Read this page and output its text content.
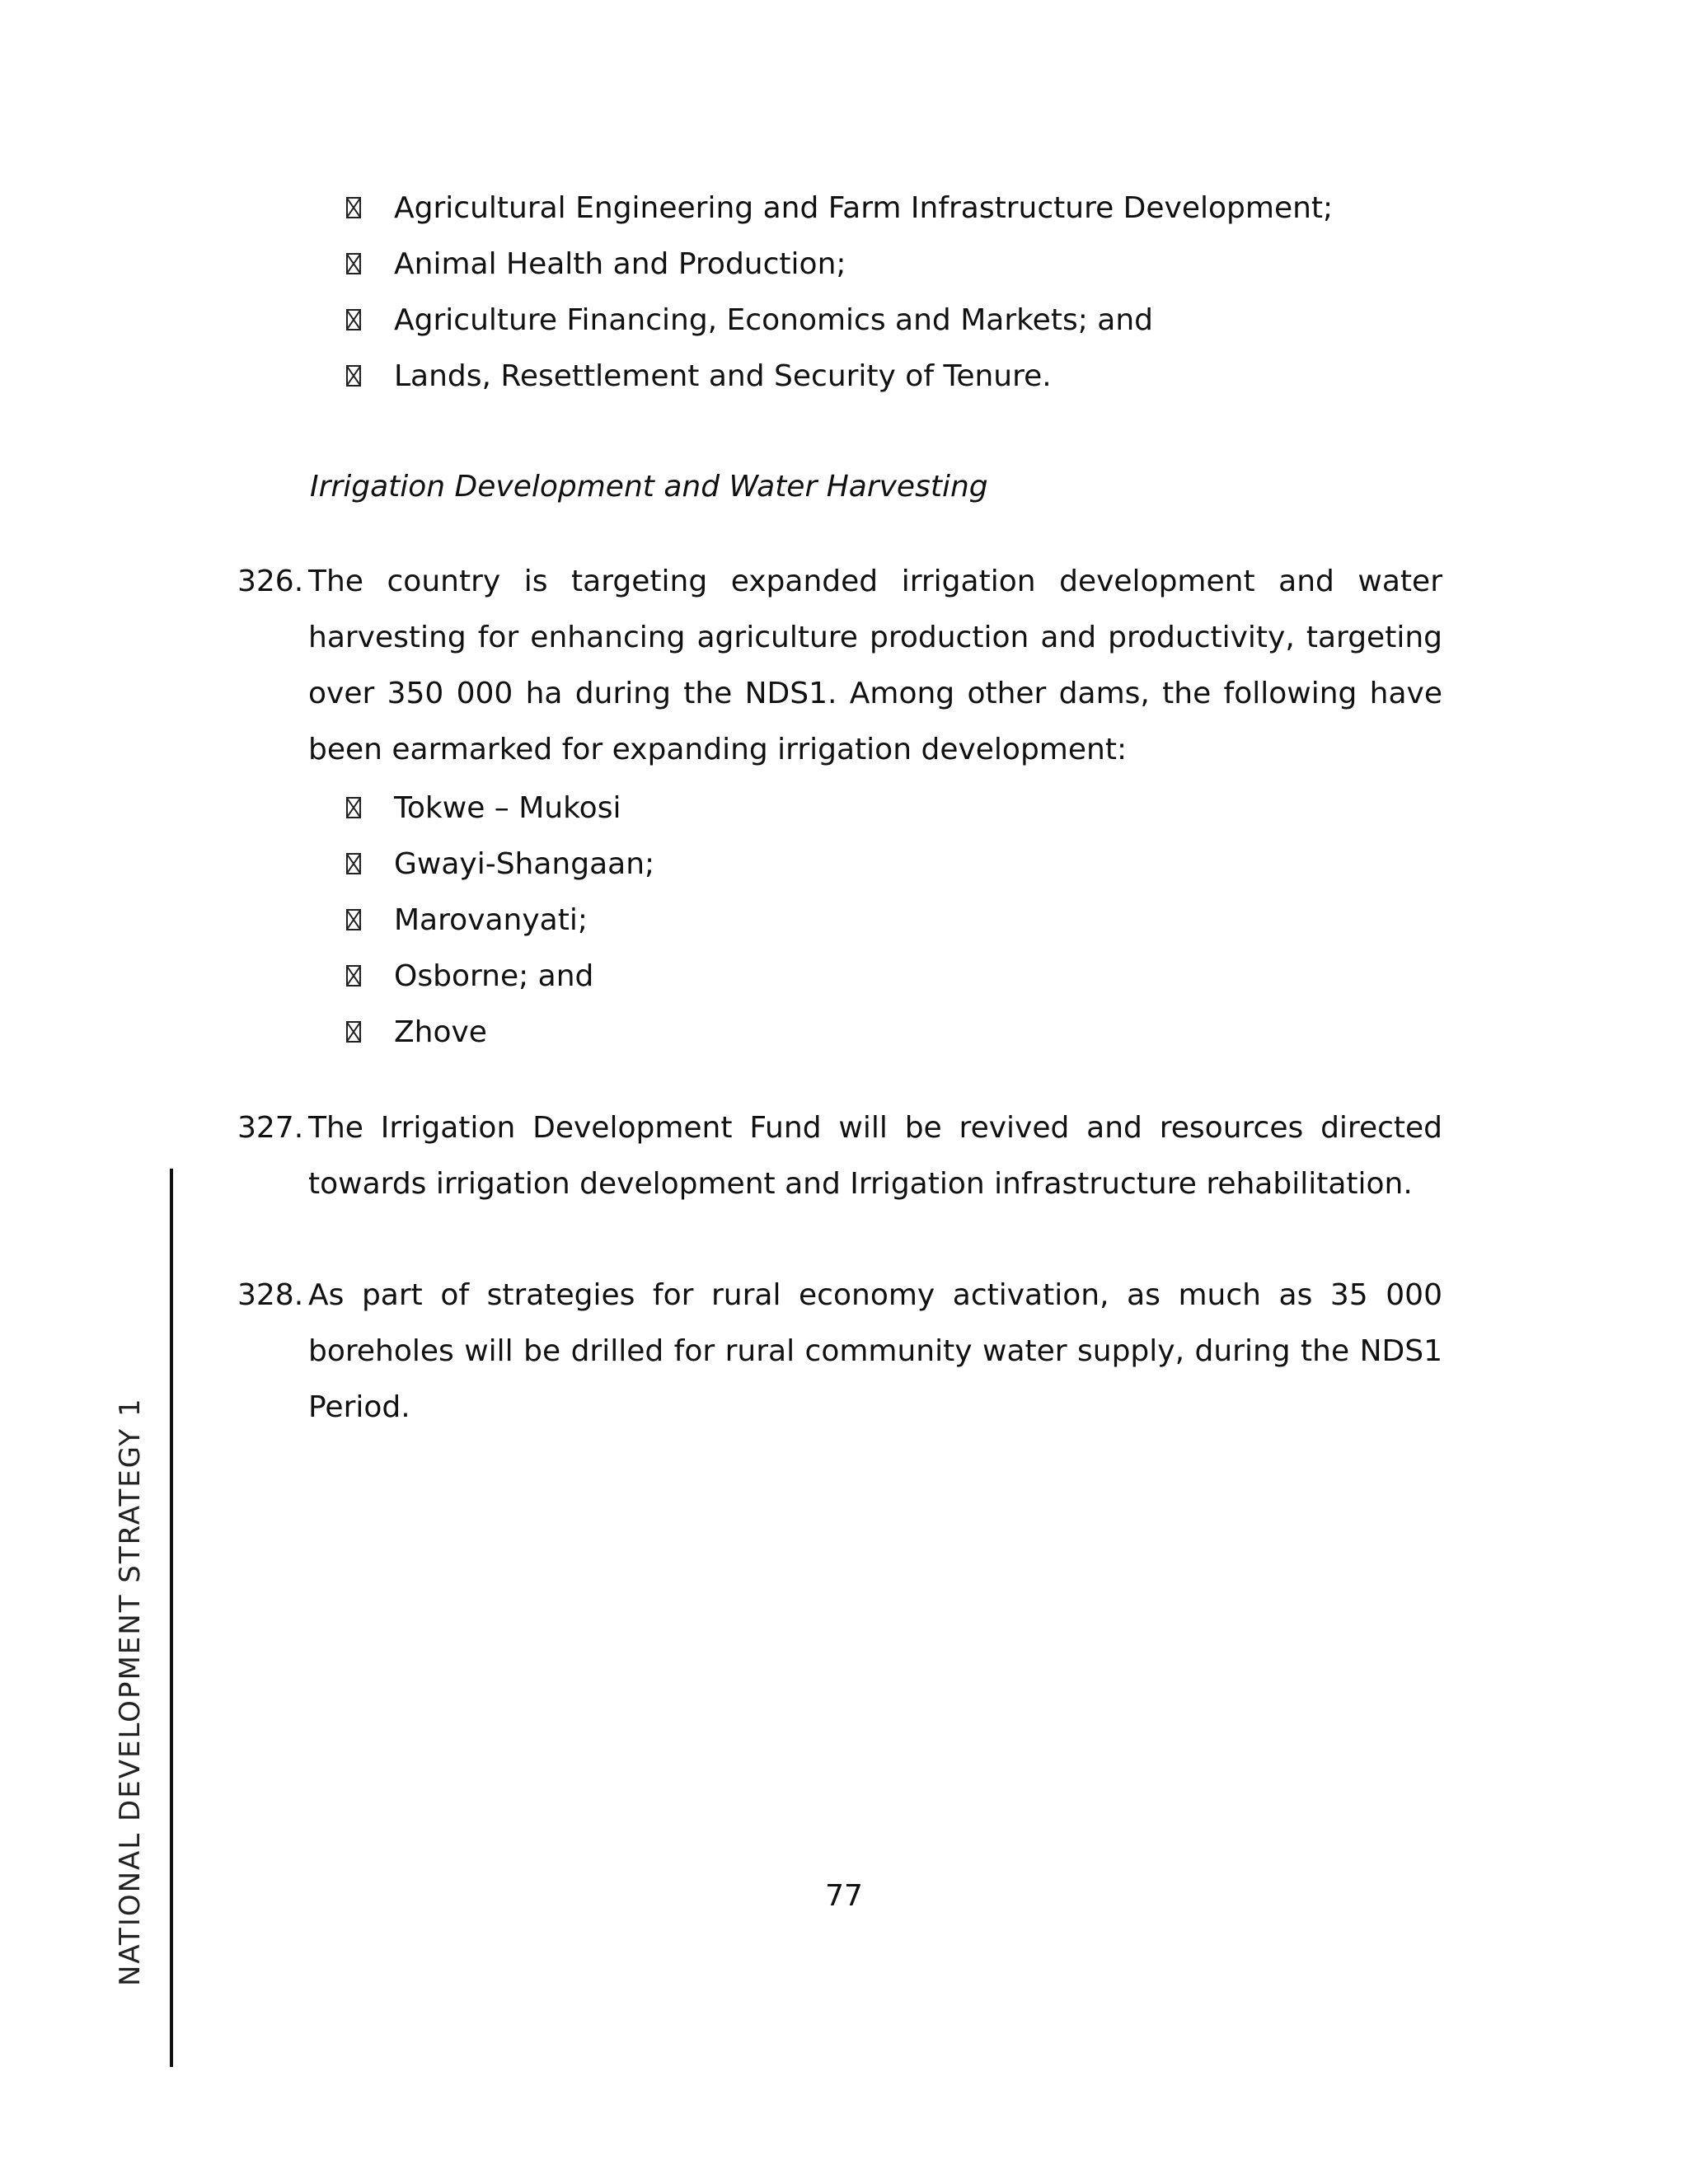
Agricultural Engineering and Farm Infrastructure Development;
Animal Health and Production;
Agriculture Financing, Economics and Markets; and
Lands, Resettlement and Security of Tenure.
Irrigation Development and Water Harvesting
326. The country is targeting expanded irrigation development and water harvesting for enhancing agriculture production and productivity, targeting over 350 000 ha during the NDS1. Among other dams, the following have been earmarked for expanding irrigation development:
Tokwe – Mukosi
Gwayi-Shangaan;
Marovanyati;
Osborne; and
Zhove
327. The Irrigation Development Fund will be revived and resources directed towards irrigation development and Irrigation infrastructure rehabilitation.
328. As part of strategies for rural economy activation, as much as 35 000 boreholes will be drilled for rural community water supply, during the NDS1 Period.
NATIONAL DEVELOPMENT STRATEGY 1	77
